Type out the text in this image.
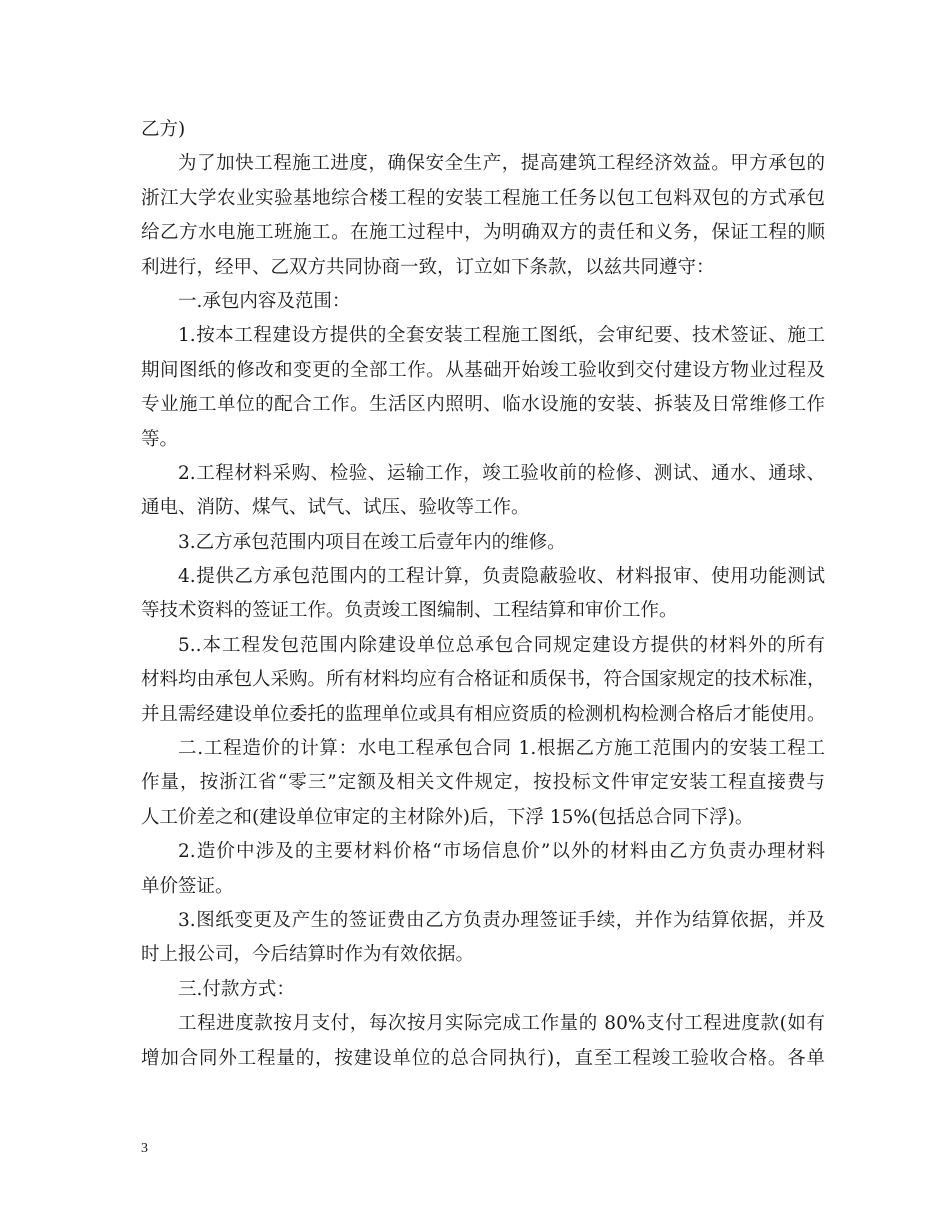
乙方)
为了加快工程施工进度，确保安全生产，提高建筑工程经济效益。甲方承包的
浙江大学农业实验基地综合楼工程的安装工程施工任务以包工包料双包的方式承包
给乙方水电施工班施工。在施工过程中，为明确双方的责任和义务，保证工程的顺
利进行，经甲、乙双方共同协商一致，订立如下条款，以兹共同遵守：
一.承包内容及范围：
1.按本工程建设方提供的全套安装工程施工图纸，会审纪要、技术签证、施工
期间图纸的修改和变更的全部工作。从基础开始竣工验收到交付建设方物业过程及
专业施工单位的配合工作。生活区内照明、临水设施的安装、拆装及日常维修工作
等。
2.工程材料采购、检验、运输工作，竣工验收前的检修、测试、通水、通球、
通电、消防、煤气、试气、试压、验收等工作。
3.乙方承包范围内项目在竣工后壹年内的维修。
4.提供乙方承包范围内的工程计算，负责隐蔽验收、材料报审、使用功能测试
等技术资料的签证工作。负责竣工图编制、工程结算和审价工作。
5..本工程发包范围内除建设单位总承包合同规定建设方提供的材料外的所有
材料均由承包人采购。所有材料均应有合格证和质保书，符合国家规定的技术标准，
并且需经建设单位委托的监理单位或具有相应资质的检测机构检测合格后才能使用。
二.工程造价的计算：水电工程承包合同 1.根据乙方施工范围内的安装工程工
作量，按浙江省“零三”定额及相关文件规定，按投标文件审定安装工程直接费与
人工价差之和(建设单位审定的主材除外)后，下浮 15%(包括总合同下浮)。
2.造价中涉及的主要材料价格“市场信息价”以外的材料由乙方负责办理材料
单价签证。
3.图纸变更及产生的签证费由乙方负责办理签证手续，并作为结算依据，并及
时上报公司，今后结算时作为有效依据。
三.付款方式：
工程进度款按月支付，每次按月实际完成工作量的 80%支付工程进度款(如有
增加合同外工程量的，按建设单位的总合同执行)，直至工程竣工验收合格。各单
3
